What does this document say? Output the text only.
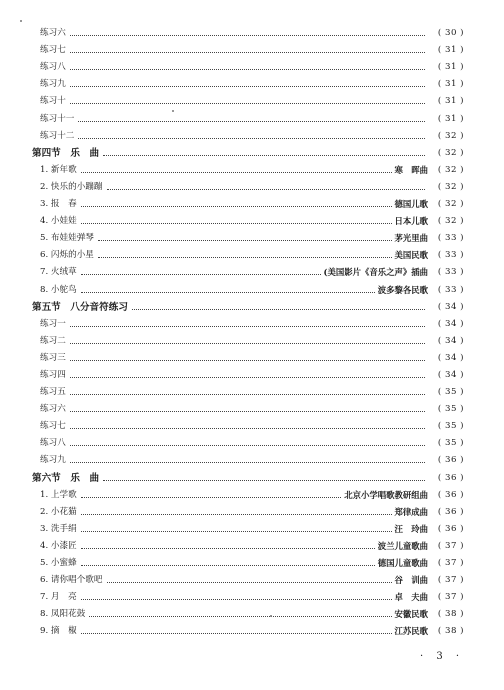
练习六	( 30 )
练习七	( 31 )
练习八	( 31 )
练习九	( 31 )
练习十	( 31 )
练习十一	( 31 )
练习十二	( 32 )
第四节　乐　曲	( 32 )
1. 新年歌	寒　晖曲	( 32 )
2. 快乐的小蹦蹦	( 32 )
3. 报　春	德国儿歌	( 32 )
4. 小娃娃	日本儿歌	( 32 )
5. 布娃娃弹琴	茅光里曲	( 33 )
6. 闪烁的小星	美国民歌	( 33 )
7. 火绒草	(美国影片《音乐之声》插曲	( 33 )
8. 小鸵鸟	波多黎各民歌	( 33 )
第五节　八分音符练习	( 34 )
练习一	( 34 )
练习二	( 34 )
练习三	( 34 )
练习四	( 34 )
练习五	( 35 )
练习六	( 35 )
练习七	( 35 )
练习八	( 35 )
练习九	( 36 )
第六节　乐　曲	( 36 )
1. 上学歌	北京小学唱歌教研组曲	( 36 )
2. 小花猫	郑律成曲	( 36 )
3. 洗手绢	汪　玲曲	( 36 )
4. 小漆匠	波兰儿童歌曲	( 37 )
5. 小蜜蜂	德国儿童歌曲	( 37 )
6. 请你唱个歌吧	谷　训曲	( 37 )
7. 月　亮	卓　夫曲	( 37 )
8. 凤阳花鼓	安徽民歌	( 38 )
9. 摘　椒	江苏民歌	( 38 )
· 3 ·
